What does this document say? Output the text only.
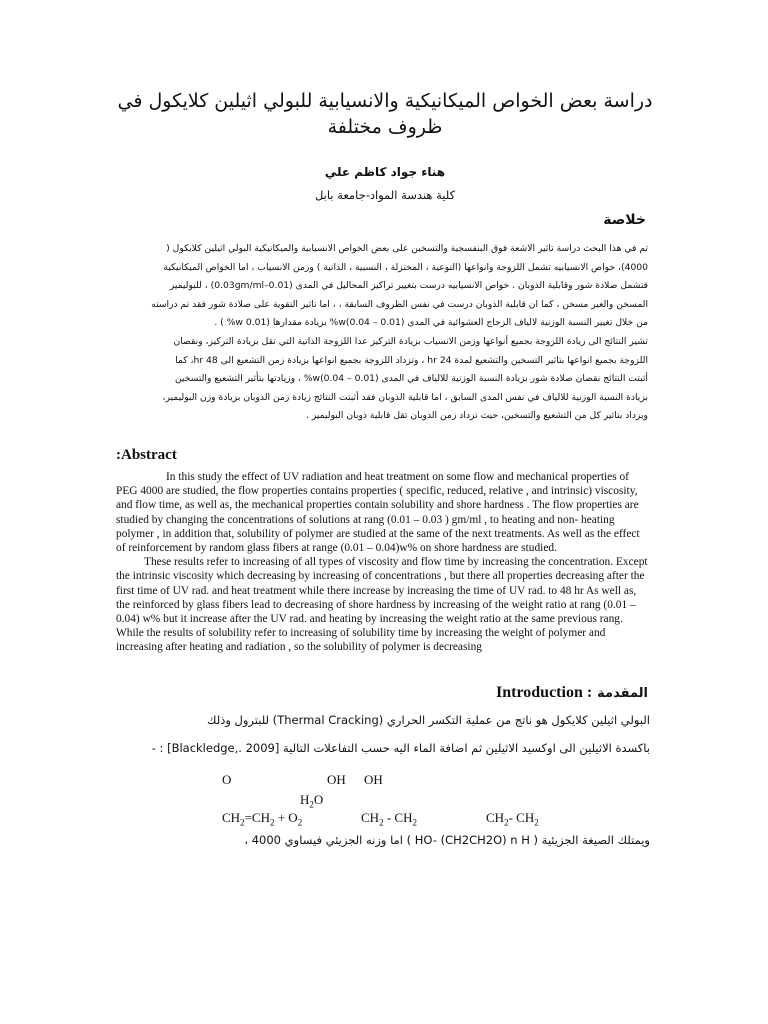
دراسة بعض الخواص الميكانيكية والانسيابية للبولي اثيلين كلايكول في ظروف مختلفة
هناء جواد كاظم علي
كلية هندسة المواد-جامعة بابل
خلاصة

تم في هذا البحث دراسة تاثير الاشعة فوق البنفسجية والتسخين على بعض الخواص الانسيابية والميكانيكية البولي اثيلين كلايكول (

4000)، خواص الانسيابيه تشمل اللزوجة وانواعها (النوعية ، المختزلة ، النسبية ، الذاتية ) وزمن الانسياب ، اما الخواص الميكانيكية

فتشمل صلادة شور وقابلية الذوبان . خواص الانسيابيه درست بتغيير تراكيز المحاليل في المدى (0.01–0.03gm/ml) ، للبوليمير

المسخن والغير مسخن ، كما ان قابلية الذوبان درست في نفس الظروف السابقة ، ، اما تاثير التقوية على صلادة شور فقد تم دراسته

من خلال تغيير النسبة الوزنية لالياف الزجاج العشوائية في المدى (0.01 – 0.04)w% بزيادة مقدارها (0.01 w% ) .

تشير النتائج الى زيادة اللزوجة بجميع أنواعها وزمن الانسياب بزيادة التركيز عدا اللزوجة الذاتية التي تقل بزيادة التركيز، ونقصان

اللزوجة بجميع انواعها بتاثير التسخين والتشعيع لمدة 24 hr ، وتزداد اللزوجة بجميع انواعها بزيادة زمن التشعيع الى 48 hr، كما

أثبتت النتائج نقصان صلادة شور بزيادة النسبة الوزنية للالياف في المدى (0.01 – 0.04)w% ، وزيادتها بتأثير التشعيع والتسخين

بزيادة النسبة الوزنية للالياف في نفس المدى السابق ، اما قابلية الذوبان فقد أثبتت النتائج زيادة زمن الذوبان بزيادة وزن البوليمير،

وبزداد بتاثير كل من التشعيع والتسخين، حيث تزداد زمن الذوبان تقل قابلية ذوبان البوليمير .

:Abstract

In this study the effect of UV radiation and heat treatment on some flow and mechanical properties of PEG 4000 are studied, the flow properties contains properties ( specific, reduced, relative , and intrinsic) viscosity, and flow time, as well as, the mechanical properties contain solubility and shore hardness . The flow properties are studied by changing the concentrations of solutions at rang (0.01 – 0.03 ) gm/ml , to heating and non- heating polymer , in addition that, solubility of polymer are studied at the same of the next treatments. As well as the effect of reinforcement by random glass fibers at range (0.01 – 0.04)w% on shore hardness are studied.

These results refer to increasing of all types of viscosity and flow time by increasing the concentration. Except the intrinsic viscosity which decreasing by increasing of concentrations , but there all properties decreasing after the first time of UV rad. and heat treatment while there increase by increasing the time of UV rad. to 48 hr As well as, the reinforced by glass fibers lead to decreasing of shore hardness by increasing of the weight ratio at rang (0.01 – 0.04) w% but it increase after the UV rad. and heating by increasing the weight ratio at the same previous rang. While the results of solubility refer to increasing of solubility time by increasing the weight of polymer and increasing after heating and radiation , so the solubility of polymer is decreasing

Introduction : المقدمة
البولي اثيلين كلايكول هو ناتج من عملية التكسر الحراري (Thermal Cracking) للبترول وذلك
باكسدة الاثيلين الى اوكسيد الاثيلين ثم اضافة الماء اليه حسب التفاعلات التالية [Blackledge,. 2009] : -
O	OH OH
$H_2O$
$CH_2=CH_2 + O_2$	$CH_2 - CH_2$	$CH_2-$ $CH_2$
ويمتلك الصيغة الجزيئية ( HO- (CH2CH2O) n H ) اما وزنه الجزيئي فيساوي 4000 ،
